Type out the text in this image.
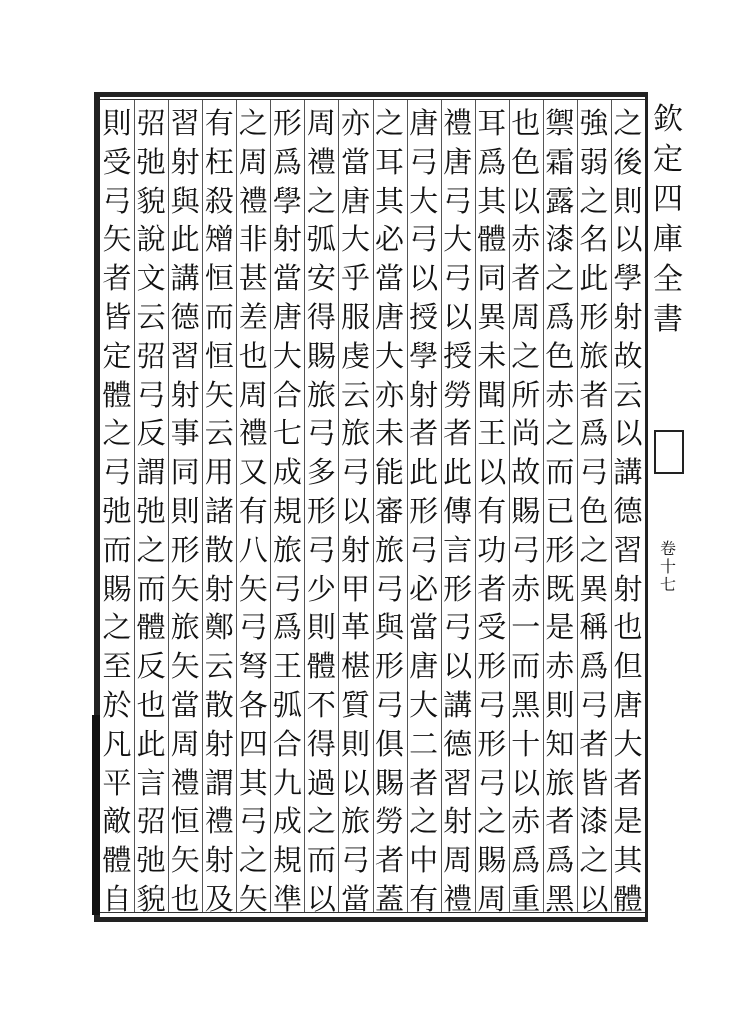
之
後
則
以
學
射
故
云
以
講
德
習
射
也
但
唐
大
者
是
其
體
強
弱
之
名
此
形
旅
者
爲
弓
色
之
異
稱
爲
弓
者
皆
漆
之
以
禦
霜
露
漆
之
爲
色
赤
之
而
已
形
既
是
赤
則
知
旅
者
爲
黑
也
色
以
赤
者
周
之
所
尚
故
賜
弓
赤
一
而
黑
十
以
赤
爲
重
耳
爲
其
體
同
異
未
聞
王
以
有
功
者
受
形
弓
形
弓
之
賜
周
禮
唐
弓
大
弓
以
授
勞
者
此
傳
言
形
弓
以
講
德
習
射
周
禮
唐
弓
大
弓
以
授
學
射
者
此
形
弓
必
當
唐
大
二
者
之
中
有
之
耳
其
必
當
唐
大
亦
未
能
審
旅
弓
與
形
弓
俱
賜
勞
者
蓋
亦
當
唐
大
乎
服
虔
云
旅
弓
以
射
甲
革
椹
質
則
以
旅
弓
當
周
禮
之
弧
安
得
賜
旅
弓
多
形
弓
少
則
體
不
得
過
之
而
以
形
爲
學
射
當
唐
大
合
七
成
規
旅
弓
爲
王
弧
合
九
成
規
凖
之
周
禮
非
甚
差
也
周
禮
又
有
八
矢
弓
弩
各
四
其
弓
之
矢
有
枉
殺
矰
恒
而
恒
矢
云
用
諸
散
射
鄭
云
散
射
謂
禮
射
及
習
射
與
此
講
德
習
射
事
同
則
形
矢
旅
矢
當
周
禮
恒
矢
也
弨
弛
貌
說
文
云
弨
弓
反
謂
弛
之
而
體
反
也
此
言
弨
弛
貌
則
受
弓
矢
者
皆
定
體
之
弓
弛
而
賜
之
至
於
凡
平
敵
體
自
欽
定
四
庫
全
書
卷
十
七
